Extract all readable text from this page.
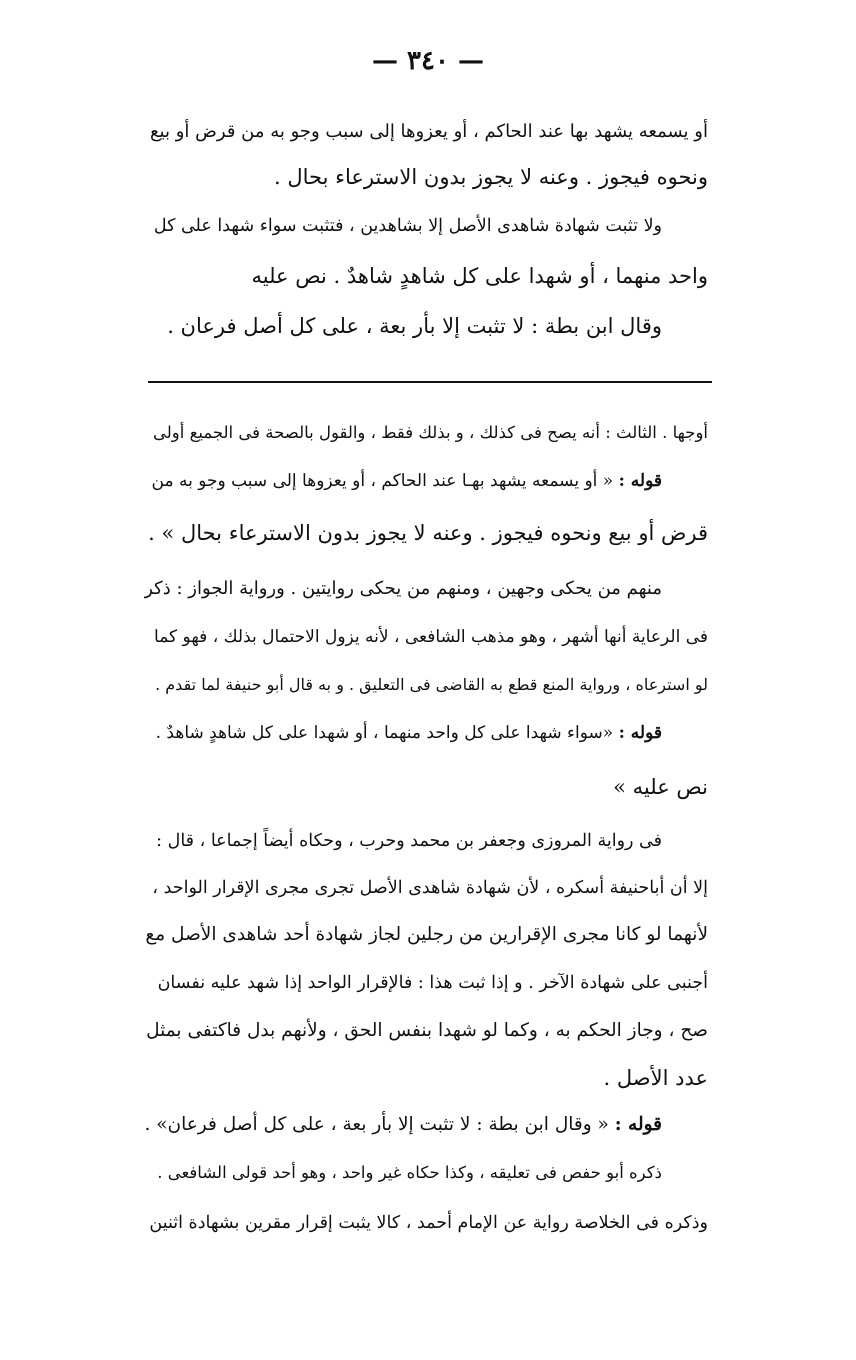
— ٣٤٠ —
أو يسمعه يشهد بها عند الحاكم ، أو يعزوها إلى سبب وجو به من قرض أو بيع
ونحوه فيجوز . وعنه لا يجوز بدون الاسترعاء بحال .
ولا تثبت شهادة شاهدى الأصل إلا بشاهدين ، فتثبت سواء شهدا على كل
واحد منهما ، أو شهدا على كل شاهدٍ شاهدٌ . نص عليه
وقال ابن بطة : لا تثبت إلا بأر بعة ، على كل أصل فرعان .
أوجها . الثالث : أنه يصح فى كذلك ، و بذلك فقط ، والقول بالصحة فى الجميع أولى
قوله : « أو يسمعه يشهد بهـا عند الحاكم ، أو يعزوها إلى سبب وجو به من
قرض أو بيع ونحوه فيجوز . وعنه لا يجوز بدون الاسترعاء بحال » .
منهم من يحكى وجهين ، ومنهم من يحكى روايتين . ورواية الجواز : ذكر
فى الرعاية أنها أشهر ، وهو مذهب الشافعى ، لأنه يزول الاحتمال بذلك ، فهو كما
لو استرعاه ، ورواية المنع قطع به القاضى فى التعليق . و به قال أبو حنيفة لما تقدم .
قوله : «سواء شهدا على كل واحد منهما ، أو شهدا على كل شاهدٍ شاهدٌ .
نص عليه »
فى رواية المروزى وجعفر بن محمد وحرب ، وحكاه أيضاً إجماعا ، قال :
إلا أن أباحنيفة أسكره ، لأن شهادة شاهدى الأصل تجرى مجرى الإقرار الواحد ،
لأنهما لو كانا مجرى الإقرارين من رجلين لجاز شهادة أحد شاهدى الأصل مع
أجنبى على شهادة الآخر . و إذا ثبت هذا : فالإقرار الواحد إذا شهد عليه نفسان
صح ، وجاز الحكم به ، وكما لو شهدا بنفس الحق ، ولأنهم بدل فاكتفى بمثل
عدد الأصل .
قوله : « وقال ابن بطة : لا تثبت إلا بأر بعة ، على كل أصل فرعان» .
ذكره أبو حفص فى تعليقه ، وكذا حكاه غير واحد ، وهو أحد قولى الشافعى .
وذكره فى الخلاصة رواية عن الإمام أحمد ، كالا يثبت إقرار مقرين بشهادة اثنين
